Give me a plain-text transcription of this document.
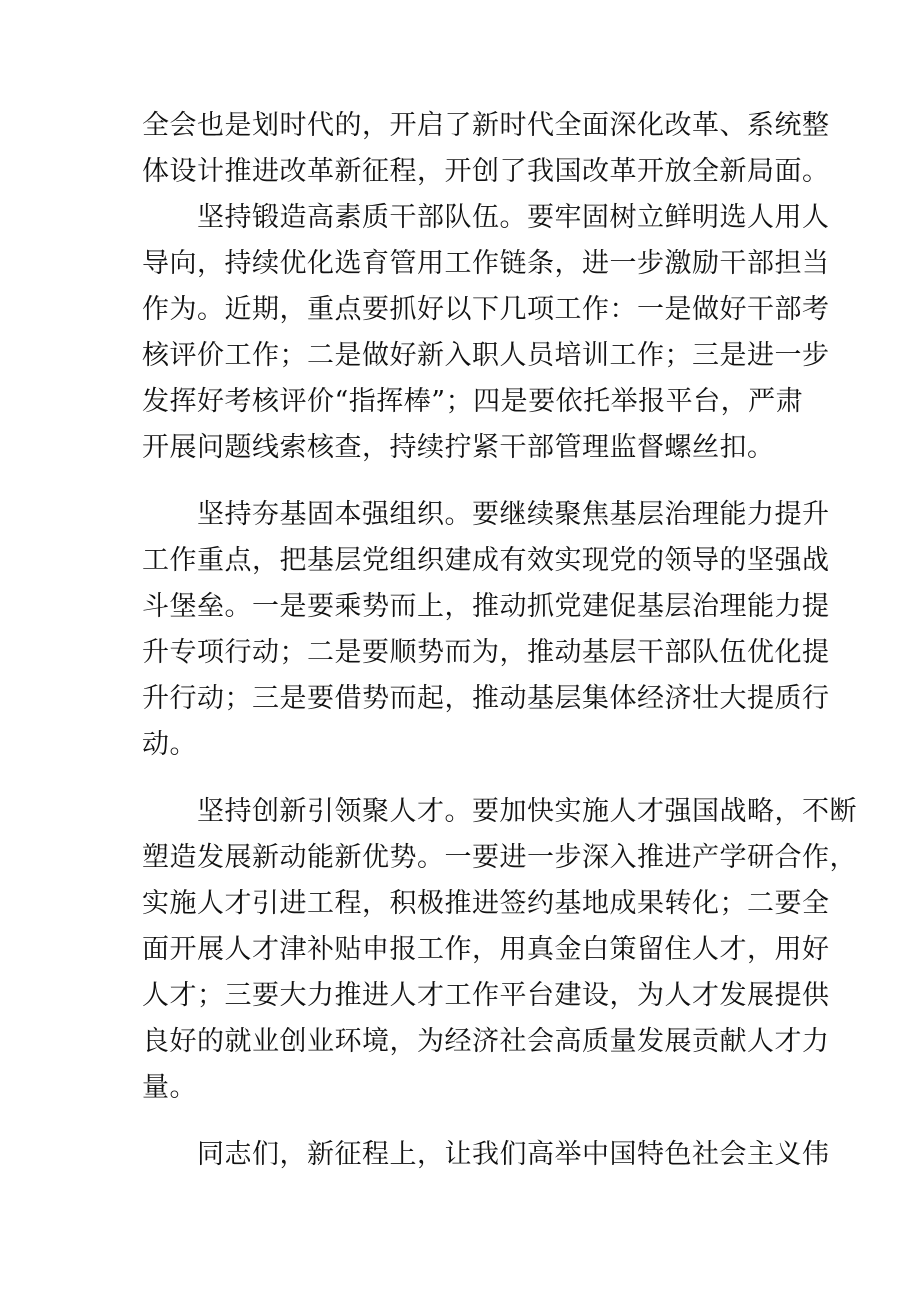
全会也是划时代的，开启了新时代全面深化改革、系统整
体设计推进改革新征程，开创了我国改革开放全新局面。
　　坚持锻造高素质干部队伍。要牢固树立鲜明选人用人
导向，持续优化选育管用工作链条，进一步激励干部担当
作为。近期，重点要抓好以下几项工作：一是做好干部考
核评价工作；二是做好新入职人员培训工作；三是进一步
发挥好考核评价“指挥棒”；四是要依托举报平台，严肃
开展问题线索核查，持续拧紧干部管理监督螺丝扣。
　　坚持夯基固本强组织。要继续聚焦基层治理能力提升
工作重点，把基层党组织建成有效实现党的领导的坚强战
斗堡垒。一是要乘势而上，推动抓党建促基层治理能力提
升专项行动；二是要顺势而为，推动基层干部队伍优化提
升行动；三是要借势而起，推动基层集体经济壮大提质行
动。
　　坚持创新引领聚人才。要加快实施人才强国战略，不断
塑造发展新动能新优势。一要进一步深入推进产学研合作，
实施人才引进工程，积极推进签约基地成果转化；二要全
面开展人才津补贴申报工作，用真金白策留住人才，用好
人才；三要大力推进人才工作平台建设，为人才发展提供
良好的就业创业环境，为经济社会高质量发展贡献人才力
量。
　　同志们，新征程上，让我们高举中国特色社会主义伟
